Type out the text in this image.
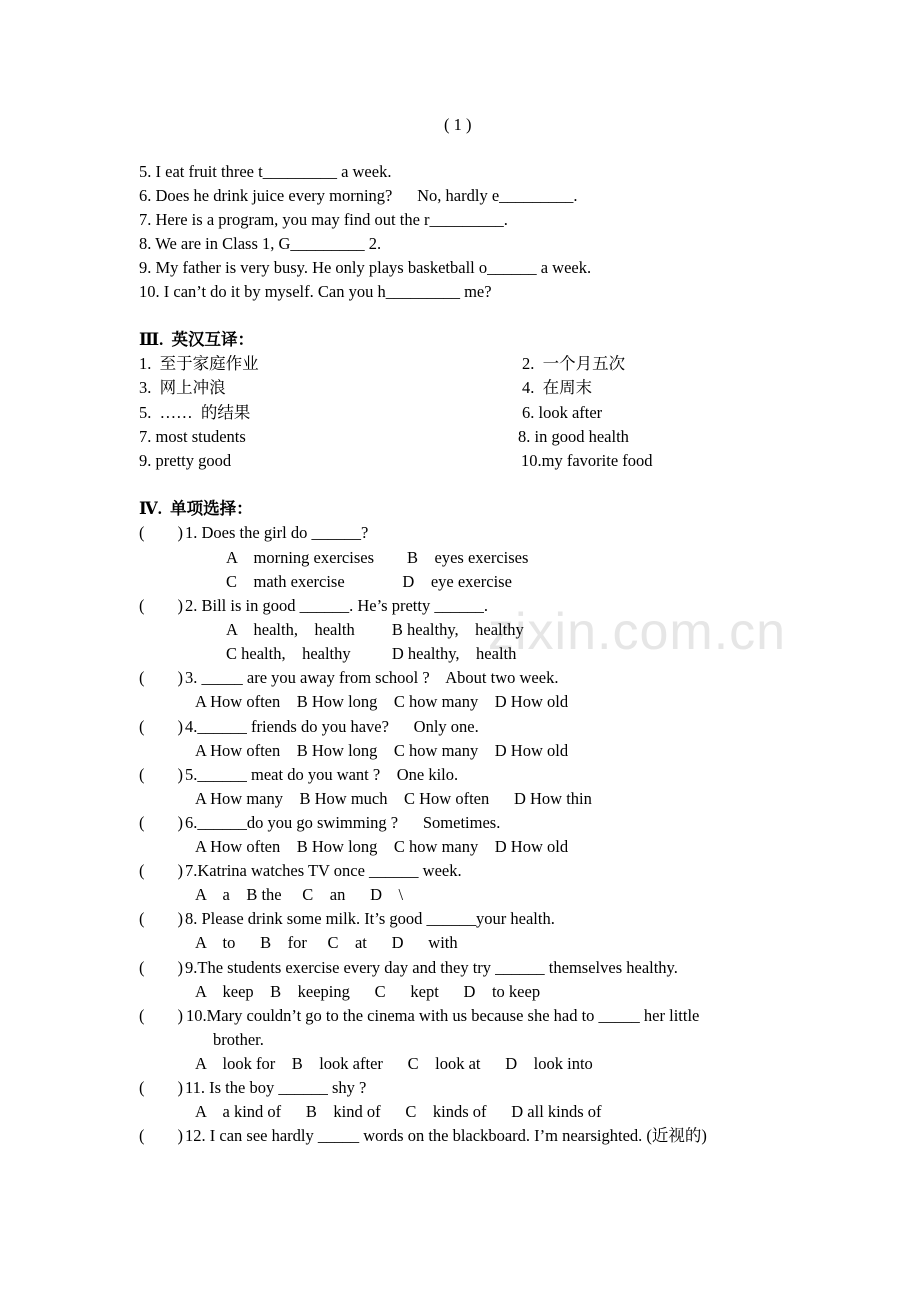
zixin.com.cn
( 1 )
5. I eat fruit three t_________ a week.
6. Does he drink juice every morning?      No, hardly e_________.
7. Here is a program, you may find out the r_________.
8. We are in Class 1, G_________ 2.
9. My father is very busy. He only plays basketball o______ a week.
10. I can’t do it by myself. Can you h_________ me?
Ⅲ.  英汉互译：
1.  至于家庭作业	2.  一个月五次
3.  网上冲浪	4.  在周末
5.  ……  的结果	6. look after
7. most students	8. in good health
9. pretty good	10.my favorite food
Ⅳ.  单项选择：
(        ) 1. Does the girl do ______?
A    morning exercises        B    eyes exercises
C    math exercise              D    eye exercise
(        ) 2. Bill is in good ______. He’s pretty ______.
A    health,    health         B healthy,    healthy
C health,    healthy          D healthy,    health
(        ) 3. _____ are you away from school ?    About two week.
A How often    B How long    C how many    D How old
(        ) 4.______ friends do you have?      Only one.
A How often    B How long    C how many    D How old
(        ) 5.______ meat do you want ?    One kilo.
A How many    B How much    C How often      D How thin
(        ) 6.______do you go swimming ?      Sometimes.
A How often    B How long    C how many    D How old
(        ) 7.Katrina watches TV once ______ week.
A    a    B the     C    an      D    \
(        ) 8. Please drink some milk. It’s good ______your health.
A    to      B    for     C    at      D      with
(        ) 9.The students exercise every day and they try ______ themselves healthy.
A    keep    B    keeping      C      kept      D    to keep
(        ) 10.Mary couldn’t go to the cinema with us because she had to _____ her little
brother.
A    look for    B    look after      C    look at      D    look into
(        ) 11. Is the boy ______ shy ?
A    a kind of      B    kind of      C    kinds of      D all kinds of
(        ) 12. I can see hardly _____ words on the blackboard. I’m nearsighted. (近视的)
